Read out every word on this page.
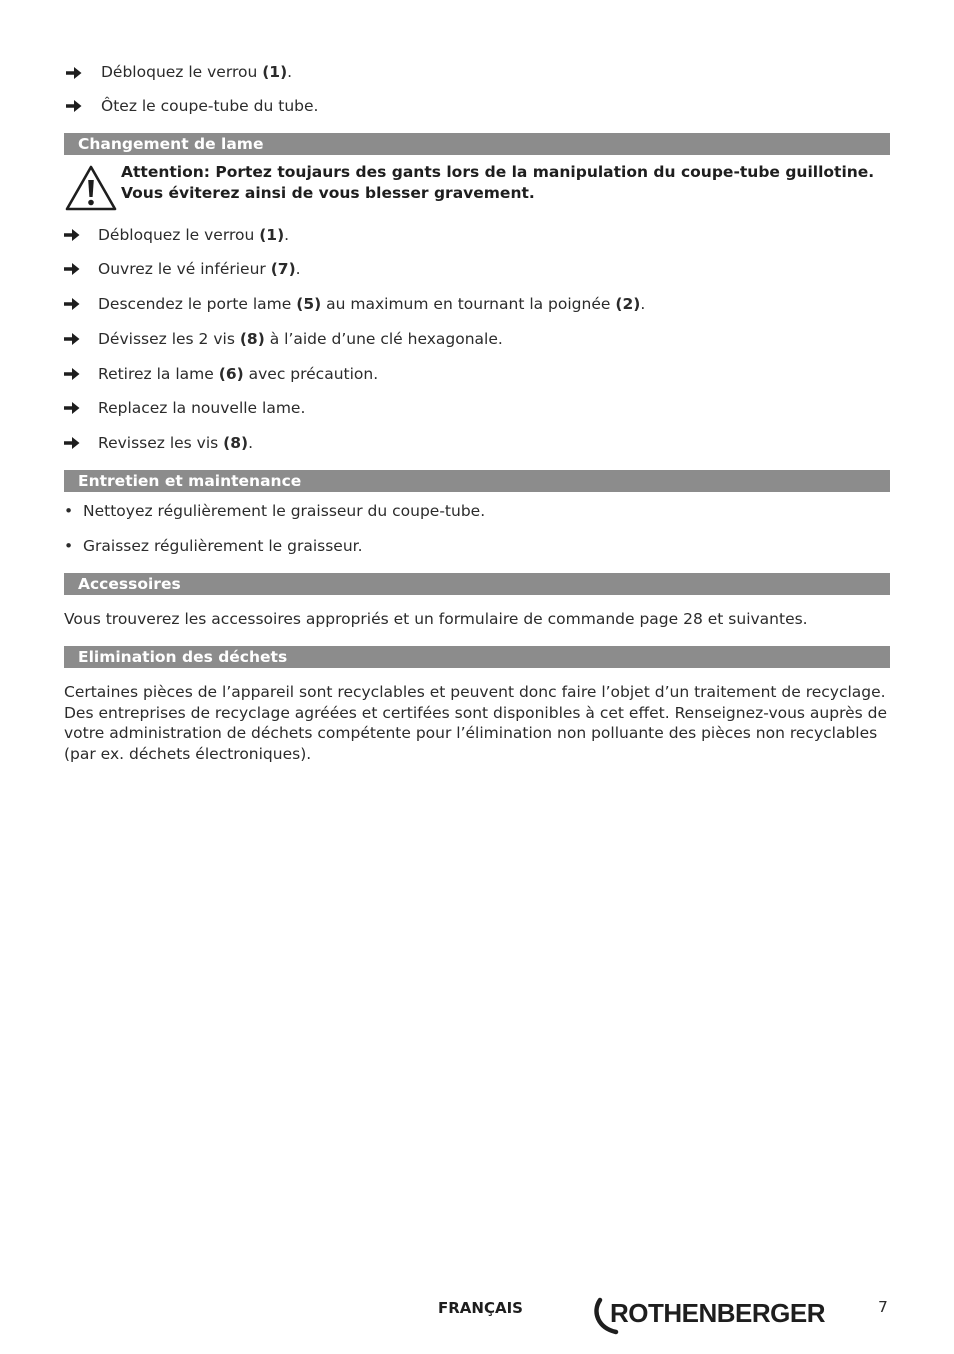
Débloquez le verrou (1).
Ôtez le coupe-tube du tube.
Changement de lame
Attention: Portez toujaurs des gants lors de la manipulation du coupe-tube guillotine.
Vous éviterez ainsi de vous blesser gravement.
Débloquez le verrou (1).
Ouvrez le vé inférieur (7).
Descendez le porte lame (5) au maximum en tournant la poignée (2).
Dévissez les 2 vis (8) à l’aide d’une clé hexagonale.
Retirez la lame (6) avec précaution.
Replacez la nouvelle lame.
Revissez les vis (8).
Entretien et maintenance
•  Nettoyez régulièrement le graisseur du coupe-tube.
•  Graissez régulièrement le graisseur.
Accessoires
Vous trouverez les accessoires appropriés et un formulaire de commande page 28 et suivantes.
Elimination des déchets
Certaines pièces de l’appareil sont recyclables et peuvent donc faire l’objet d’un traitement de recyclage.
Des entreprises de recyclage agréées et certifées sont disponibles à cet effet. Renseignez-vous auprès de
votre administration de déchets compétente pour l’élimination non polluante des pièces non recyclables
(par ex. déchets électroniques).
FRANÇAIS	ROTHENBERGER	7
